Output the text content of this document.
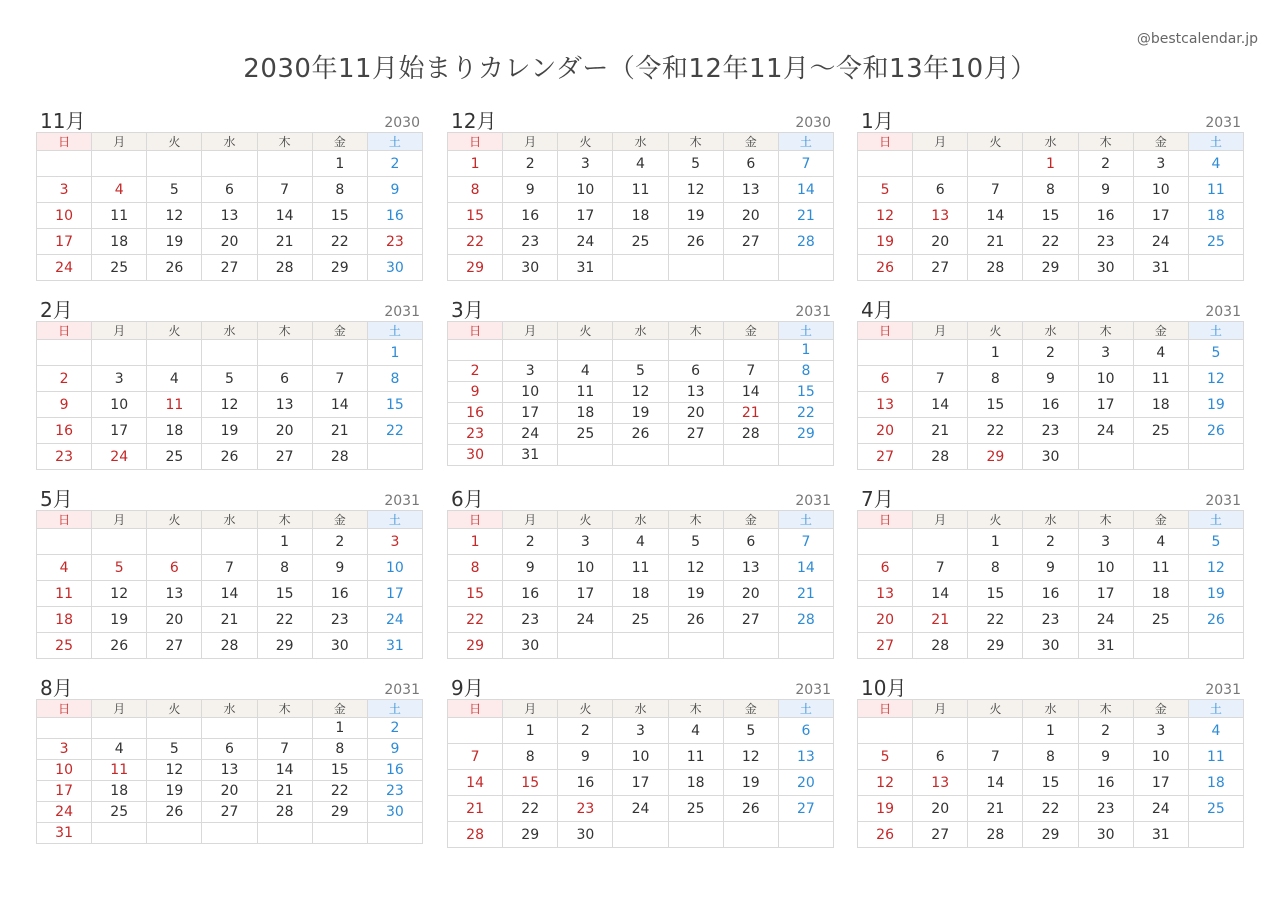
2030年11月始まりカレンダー（令和12年11月〜令和13年10月）
@bestcalendar.jp
11月	2030
日	月	火	水	木	金	土
					1	2
3	4	5	6	7	8	9
10	11	12	13	14	15	16
17	18	19	20	21	22	23
24	25	26	27	28	29	30
12月	2030
日	月	火	水	木	金	土
1	2	3	4	5	6	7
8	9	10	11	12	13	14
15	16	17	18	19	20	21
22	23	24	25	26	27	28
29	30	31				
1月	2031
日	月	火	水	木	金	土
			1	2	3	4
5	6	7	8	9	10	11
12	13	14	15	16	17	18
19	20	21	22	23	24	25
26	27	28	29	30	31	
2月	2031
日	月	火	水	木	金	土
						1
2	3	4	5	6	7	8
9	10	11	12	13	14	15
16	17	18	19	20	21	22
23	24	25	26	27	28	
3月	2031
日	月	火	水	木	金	土
						1
2	3	4	5	6	7	8
9	10	11	12	13	14	15
16	17	18	19	20	21	22
23	24	25	26	27	28	29
30	31					
4月	2031
日	月	火	水	木	金	土
		1	2	3	4	5
6	7	8	9	10	11	12
13	14	15	16	17	18	19
20	21	22	23	24	25	26
27	28	29	30			
5月	2031
日	月	火	水	木	金	土
				1	2	3
4	5	6	7	8	9	10
11	12	13	14	15	16	17
18	19	20	21	22	23	24
25	26	27	28	29	30	31
6月	2031
日	月	火	水	木	金	土
1	2	3	4	5	6	7
8	9	10	11	12	13	14
15	16	17	18	19	20	21
22	23	24	25	26	27	28
29	30					
7月	2031
日	月	火	水	木	金	土
		1	2	3	4	5
6	7	8	9	10	11	12
13	14	15	16	17	18	19
20	21	22	23	24	25	26
27	28	29	30	31		
8月	2031
日	月	火	水	木	金	土
					1	2
3	4	5	6	7	8	9
10	11	12	13	14	15	16
17	18	19	20	21	22	23
24	25	26	27	28	29	30
31						
9月	2031
日	月	火	水	木	金	土
	1	2	3	4	5	6
7	8	9	10	11	12	13
14	15	16	17	18	19	20
21	22	23	24	25	26	27
28	29	30				
10月	2031
日	月	火	水	木	金	土
			1	2	3	4
5	6	7	8	9	10	11
12	13	14	15	16	17	18
19	20	21	22	23	24	25
26	27	28	29	30	31	
